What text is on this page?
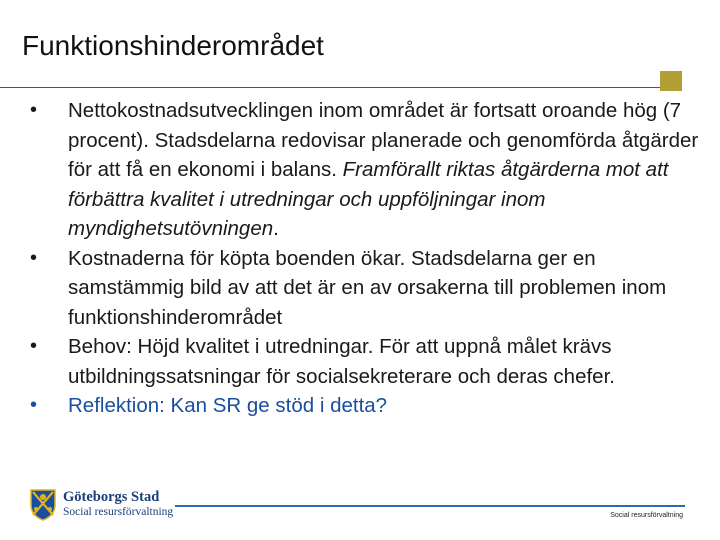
Funktionshinderområdet
• Nettokostnadsutvecklingen inom området är fortsatt oroande hög (7 procent). Stadsdelarna redovisar planerade och genomförda åtgärder för att få en ekonomi i balans. Framförallt riktas åtgärderna mot att förbättra kvalitet i utredningar och uppföljningar inom myndighetsutövningen.
• Kostnaderna för köpta boenden ökar. Stadsdelarna ger en samstämmig bild av att det är en av orsakerna till problemen inom funktionshinderområdet
• Behov: Höjd kvalitet i utredningar. För att uppnå målet krävs utbildningssatsningar för socialsekreterare och deras chefer.
• Reflektion: Kan SR ge stöd i detta?
Göteborgs Stad
Social resursförvaltning	Social resursförvaltning
